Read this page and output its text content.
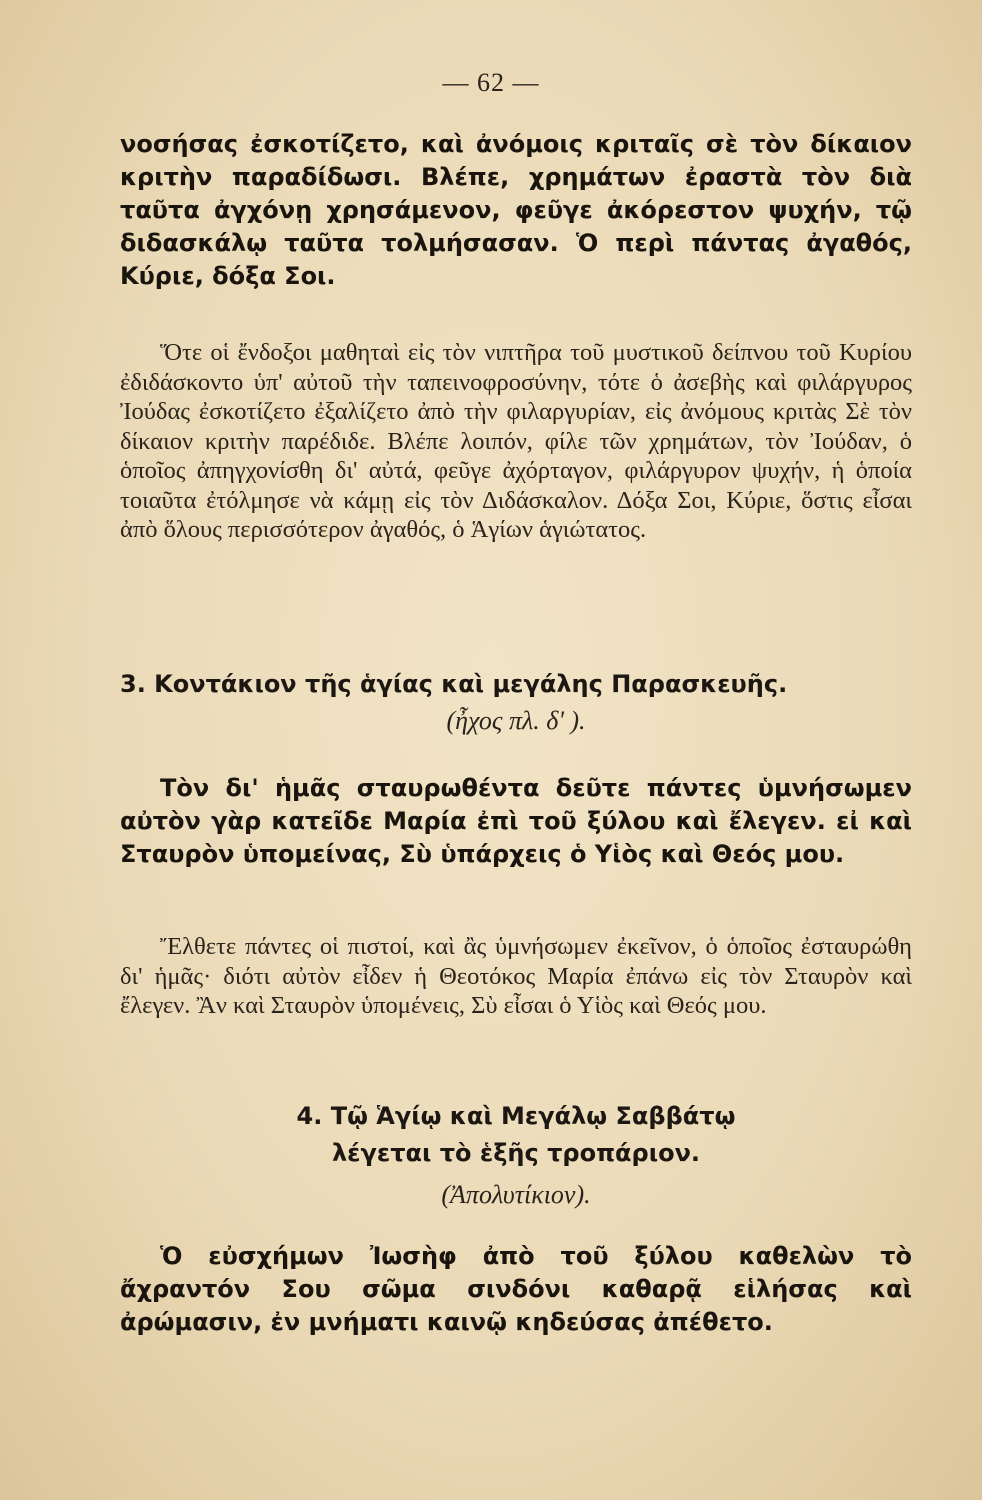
— 62 —
νοσήσας ἐσκοτίζετο, καὶ ἀνόμοις κριταῖς σὲ τὸν δίκαιον κριτὴν παραδίδωσι. Βλέπε, χρημάτων ἐραστὰ τὸν διὰ ταῦτα ἀγχόνῃ χρησάμενον, φεῦγε ἀκόρεστον ψυχήν, τῷ διδασκάλῳ ταῦτα τολμήσασαν. Ὁ περὶ πάντας ἀγαθός, Κύριε, δόξα Σοι.
Ὅτε οἱ ἔνδοξοι μαθηταὶ εἰς τὸν νιπτῆρα τοῦ μυστικοῦ δείπνου τοῦ Κυρίου ἐδιδάσκοντο ὑπ' αὐτοῦ τὴν ταπεινοφροσύνην, τότε ὁ ἀσεβὴς καὶ φιλάργυρος Ἰούδας ἐσκοτίζετο ἐξαλίζετο ἀπὸ τὴν φιλαργυρίαν, εἰς ἀνόμους κριτὰς Σὲ τὸν δίκαιον κριτὴν παρέδιδε. Βλέπε λοιπόν, φίλε τῶν χρημάτων, τὸν Ἰούδαν, ὁ ὁποῖος ἀπηγχονίσθη δι' αὐτά, φεῦγε ἀχόρταγον, φιλάργυρον ψυχήν, ἡ ὁποία τοιαῦτα ἐτόλμησε νὰ κάμῃ εἰς τὸν Διδάσκαλον. Δόξα Σοι, Κύριε, ὅστις εἶσαι ἀπὸ ὅλους περισσότερον ἀγαθός, ὁ Ἁγίων ἁγιώτατος.
3. Κοντάκιον τῆς ἁγίας καὶ μεγάλης Παρασκευῆς.
(ἦχος πλ. δ' ).
Τὸν δι' ἡμᾶς σταυρωθέντα δεῦτε πάντες ὑμνήσωμεν αὐτὸν γὰρ κατεῖδε Μαρία ἐπὶ τοῦ ξύλου καὶ ἔλεγεν. εἰ καὶ Σταυρὸν ὑπομείνας, Σὺ ὑπάρχεις ὁ Υἱὸς καὶ Θεός μου.
Ἔλθετε πάντες οἱ πιστοί, καὶ ἂς ὑμνήσωμεν ἐκεῖνον, ὁ ὁποῖος ἐσταυρώθη δι' ἡμᾶς· διότι αὐτὸν εἶδεν ἡ Θεοτόκος Μαρία ἐπάνω εἰς τὸν Σταυρὸν καὶ ἔλεγεν. Ἂν καὶ Σταυρὸν ὑπομένεις, Σὺ εἶσαι ὁ Υἱὸς καὶ Θεός μου.
4. Τῷ Ἁγίῳ καὶ Μεγάλῳ Σαββάτῳ
λέγεται τὸ ἑξῆς τροπάριον.
(Ἀπολυτίκιον).
Ὁ εὐσχήμων Ἰωσὴφ ἀπὸ τοῦ ξύλου καθελὼν τὸ ἄχραντόν Σου σῶμα σινδόνι καθαρᾷ εἱλήσας καὶ ἀρώμασιν, ἐν μνήματι καινῷ κηδεύσας ἀπέθετο.
